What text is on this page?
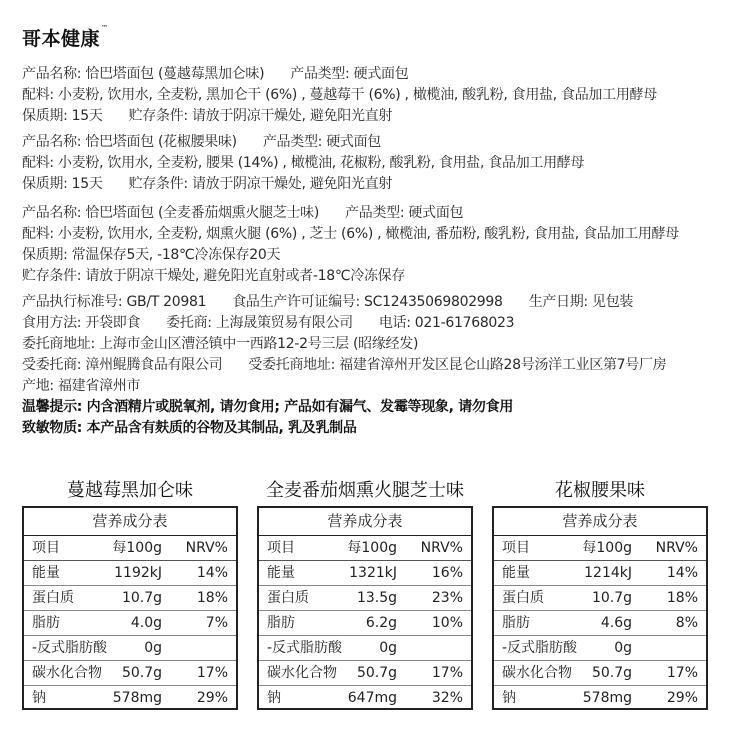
哥本健康™
产品名称: 恰巴塔面包 (蔓越莓黑加仑味) 产品类型: 硬式面包
配料: 小麦粉, 饮用水, 全麦粉, 黑加仑干 (6%) , 蔓越莓干 (6%) , 橄榄油, 酸乳粉, 食用盐, 食品加工用酵母
保质期: 15天 贮存条件: 请放于阴凉干燥处, 避免阳光直射
产品名称: 恰巴塔面包 (花椒腰果味) 产品类型: 硬式面包
配料: 小麦粉, 饮用水, 全麦粉, 腰果 (14%) , 橄榄油, 花椒粉, 酸乳粉, 食用盐, 食品加工用酵母
保质期: 15天 贮存条件: 请放于阴凉干燥处, 避免阳光直射
产品名称: 恰巴塔面包 (全麦番茄烟熏火腿芝士味) 产品类型: 硬式面包
配料: 小麦粉, 饮用水, 全麦粉, 烟熏火腿 (6%) , 芝士 (6%) , 橄榄油, 番茄粉, 酸乳粉, 食用盐, 食品加工用酵母
保质期: 常温保存5天, -18℃冷冻保存20天
贮存条件: 请放于阴凉干燥处, 避免阳光直射或者-18℃冷冻保存
产品执行标准号: GB/T 20981 食品生产许可证编号: SC12435069802998 生产日期: 见包装
食用方法: 开袋即食 委托商: 上海晟策贸易有限公司 电话: 021-61768023
委托商地址: 上海市金山区漕泾镇中一西路12-2号三层 (昭缘经发)
受委托商: 漳州鲲腾食品有限公司 受委托商地址: 福建省漳州开发区昆仑山路28号汤洋工业区第7号厂房
产地: 福建省漳州市
温馨提示: 内含酒精片或脱氧剂, 请勿食用; 产品如有漏气、发霉等现象, 请勿食用
致敏物质: 本产品含有麸质的谷物及其制品, 乳及乳制品
蔓越莓黑加仑味	全麦番茄烟熏火腿芝士味	花椒腰果味
营养成分表
项目	每100g NRV%
能量	1192kJ 14%
蛋白质	10.7g 18%
脂肪	4.0g	7%
-反式脂肪酸	0g
碳水化合物 50.7g 17%
钠	578mg 29%
营养成分表
项目	每100g NRV%
能量	1321kJ 16%
蛋白质	13.5g 23%
脂肪	6.2g 10%
-反式脂肪酸	0g
碳水化合物 50.7g 17%
钠	647mg 32%
营养成分表
项目	每100g NRV%
能量	1214kJ 14%
蛋白质	10.7g 18%
脂肪	4.6g	8%
-反式脂肪酸	0g
碳水化合物 50.7g 17%
钠	578mg 29%
